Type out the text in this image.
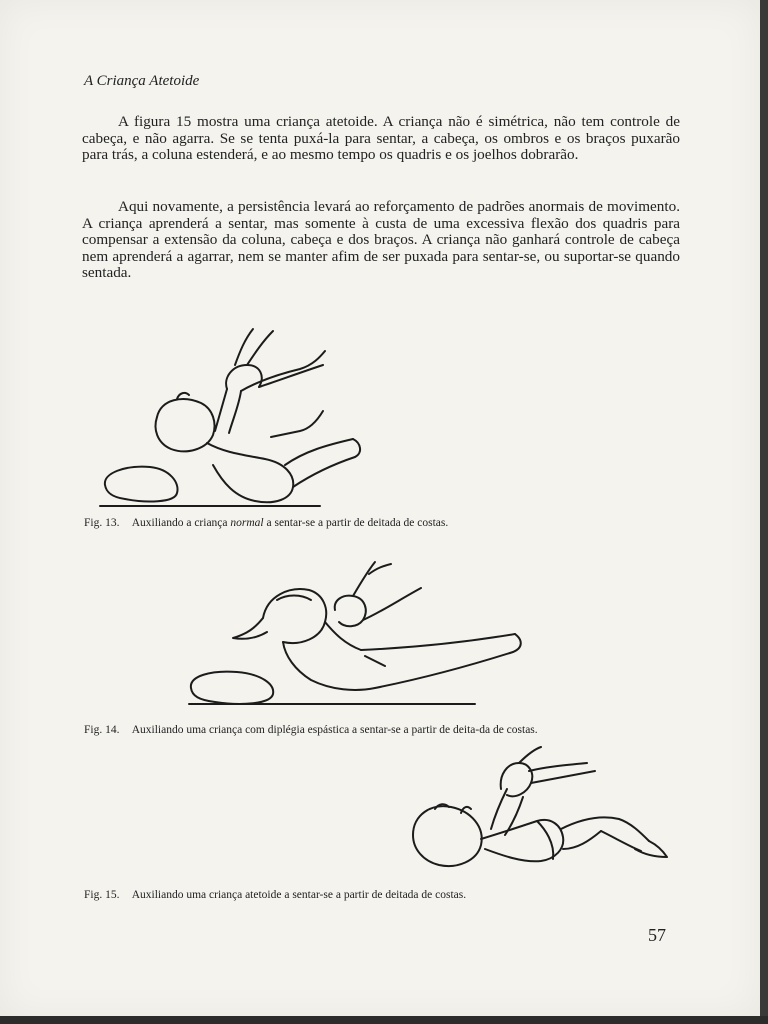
A Criança Atetoide

A figura 15 mostra uma criança atetoide. A criança não é simétrica, não tem controle de cabeça, e não agarra. Se se tenta puxá-la para sentar, a cabeça, os ombros e os braços puxarão para trás, a coluna estenderá, e ao mesmo tempo os quadris e os joelhos dobrarão.

Aqui novamente, a persistência levará ao reforçamento de padrões anormais de movimento. A criança aprenderá a sentar, mas somente à custa de uma excessiva flexão dos quadris para compensar a extensão da coluna, cabeça e dos braços. A criança não ganhará controle de cabeça nem aprenderá a agarrar, nem se manter afim de ser puxada para sentar-se, ou suportar-se quando sentada.

Fig. 13. Auxiliando a criança normal a sentar-se a partir de deitada de costas.
Fig. 14. Auxiliando uma criança com diplégia espástica a sentar-se a partir de deita-da de costas.
Fig. 15. Auxiliando uma criança atetoide a sentar-se a partir de deitada de costas.
57
